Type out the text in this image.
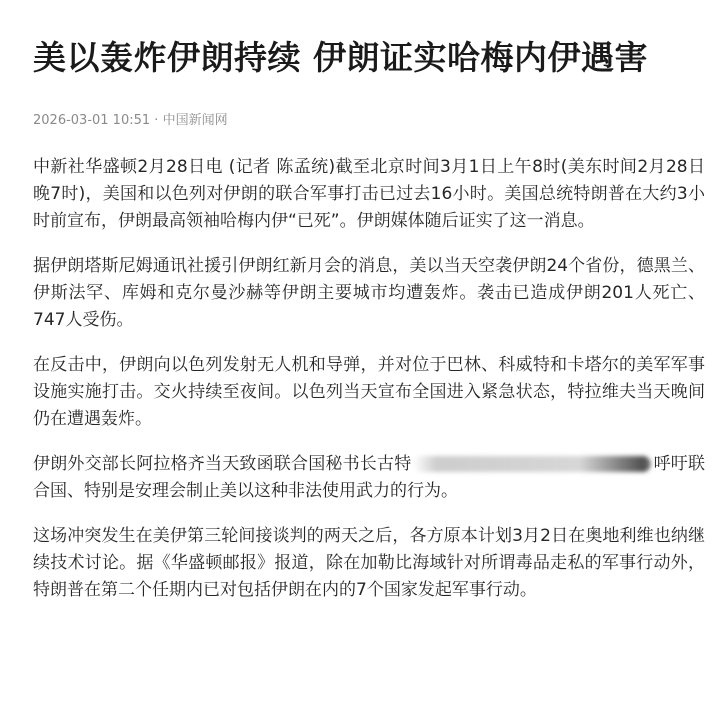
美以轰炸伊朗持续 伊朗证实哈梅内伊遇害
2026-03-01 10:51 · 中国新闻网

中新社华盛顿2月28日电 (记者 陈孟统)截至北京时间3月1日上午8时(美东时间2月28日晚7时)，美国和以色列对伊朗的联合军事打击已过去16小时。美国总统特朗普在大约3小时前宣布，伊朗最高领袖哈梅内伊“已死”。伊朗媒体随后证实了这一消息。

据伊朗塔斯尼姆通讯社援引伊朗红新月会的消息，美以当天空袭伊朗24个省份，德黑兰、伊斯法罕、库姆和克尔曼沙赫等伊朗主要城市均遭轰炸。袭击已造成伊朗201人死亡、747人受伤。

在反击中，伊朗向以色列发射无人机和导弹，并对位于巴林、科威特和卡塔尔的美军军事设施实施打击。交火持续至夜间。以色列当天宣布全国进入紧急状态，特拉维夫当天晚间仍在遭遇轰炸。

伊朗外交部长阿拉格齐当天致函联合国秘书长古特	呼吁联合国、特别是安理会制止美以这种非法使用武力的行为。

这场冲突发生在美伊第三轮间接谈判的两天之后，各方原本计划3月2日在奥地利维也纳继续技术讨论。据《华盛顿邮报》报道，除在加勒比海域针对所谓毒品走私的军事行动外，特朗普在第二个任期内已对包括伊朗在内的7个国家发起军事行动。
